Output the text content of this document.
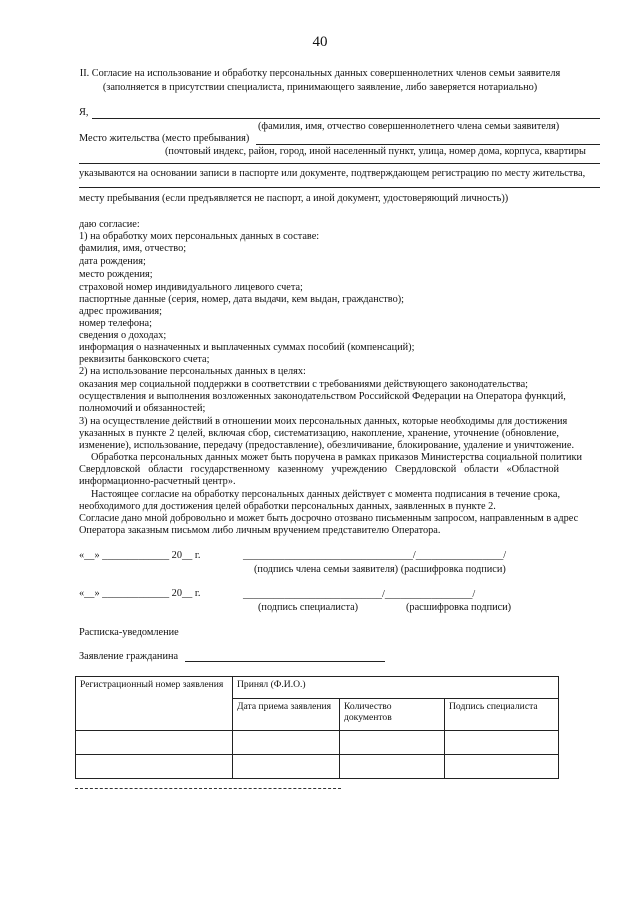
40
II. Согласие на использование и обработку персональных данных совершеннолетних членов семьи заявителя
(заполняется в присутствии специалиста, принимающего заявление, либо заверяется нотариально)
Я,
(фамилия, имя, отчество совершеннолетнего члена семьи заявителя)
Место жительства (место пребывания)
(почтовый индекс, район, город, иной населенный пункт, улица, номер дома, корпуса, квартиры
указываются на основании записи в паспорте или документе, подтверждающем регистрацию по месту жительства,
месту пребывания (если предъявляется не паспорт, а иной документ, удостоверяющий личность))
даю согласие:
1) на обработку моих персональных данных в составе:
фамилия, имя, отчество;
дата рождения;
место рождения;
страховой номер индивидуального лицевого счета;
паспортные данные (серия, номер, дата выдачи, кем выдан, гражданство);
адрес проживания;
номер телефона;
сведения о доходах;
информация о назначенных и выплаченных суммах пособий (компенсаций);
реквизиты банковского счета;
2) на использование персональных данных в целях:
оказания мер социальной поддержки в соответствии с требованиями действующего законодательства;
осуществления и выполнения возложенных законодательством Российской Федерации на Оператора функций,
полномочий и обязанностей;
3) на осуществление действий в отношении моих персональных данных, которые необходимы для достижения
указанных в пункте 2 целей, включая сбор, систематизацию, накопление, хранение, уточнение (обновление,
изменение), использование, передачу (предоставление), обезличивание, блокирование, удаление и уничтожение.
Обработка персональных данных может быть поручена в рамках приказов Министерства социальной политики
Свердловской области государственному казенному учреждению Свердловской области «Областной
информационно-расчетный центр».
Настоящее согласие на обработку персональных данных действует с момента подписания в течение срока,
необходимого для достижения целей обработки персональных данных, заявленных в пункте 2.
Согласие дано мной добровольно и может быть досрочно отозвано письменным запросом, направленным в адрес
Оператора заказным письмом либо личным вручением представителю Оператора.
«__» _____________ 20__ г.	_________________________________/_________________/
(подпись члена семьи заявителя) (расшифровка подписи)
«__» _____________ 20__ г.	___________________________/_________________/
(подпись специалиста)	(расшифровка подписи)
Расписка-уведомление
Заявление гражданина
Регистрационный номер заявления	Принял (Ф.И.О.)		
	Дата приема заявления	Количество документов	Подпись специалиста
